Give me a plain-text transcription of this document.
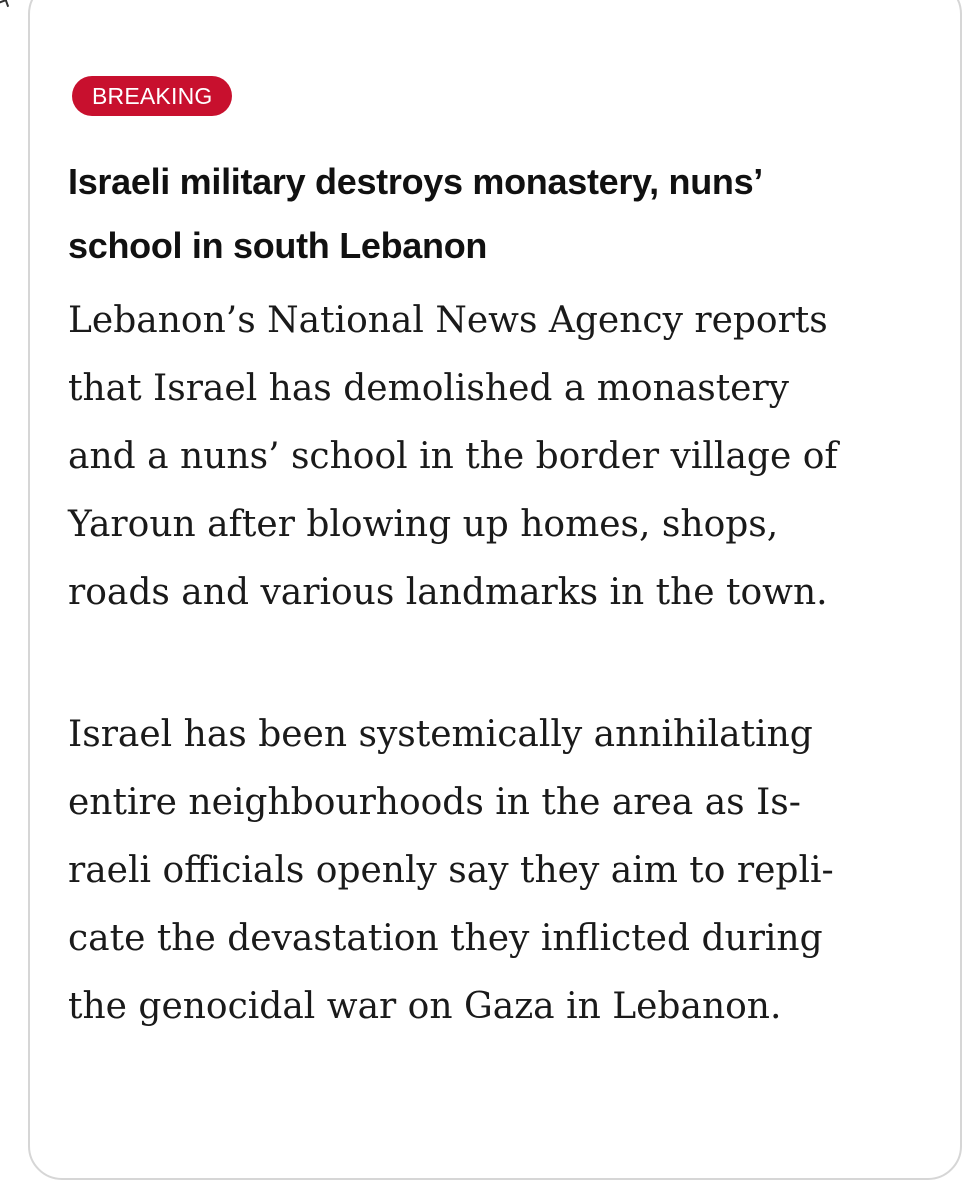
BREAKING
Israeli military destroys monastery, nuns’
school in south Lebanon

Lebanon’s National News Agency reports
that Israel has demolished a monastery
and a nuns’ school in the border village of
Yaroun after blowing up homes, shops,
roads and various landmarks in the town.

Israel has been systemically annihilating
entire neighbourhoods in the area as Is-
raeli officials openly say they aim to repli-
cate the devastation they inflicted during
the genocidal war on Gaza in Lebanon.
